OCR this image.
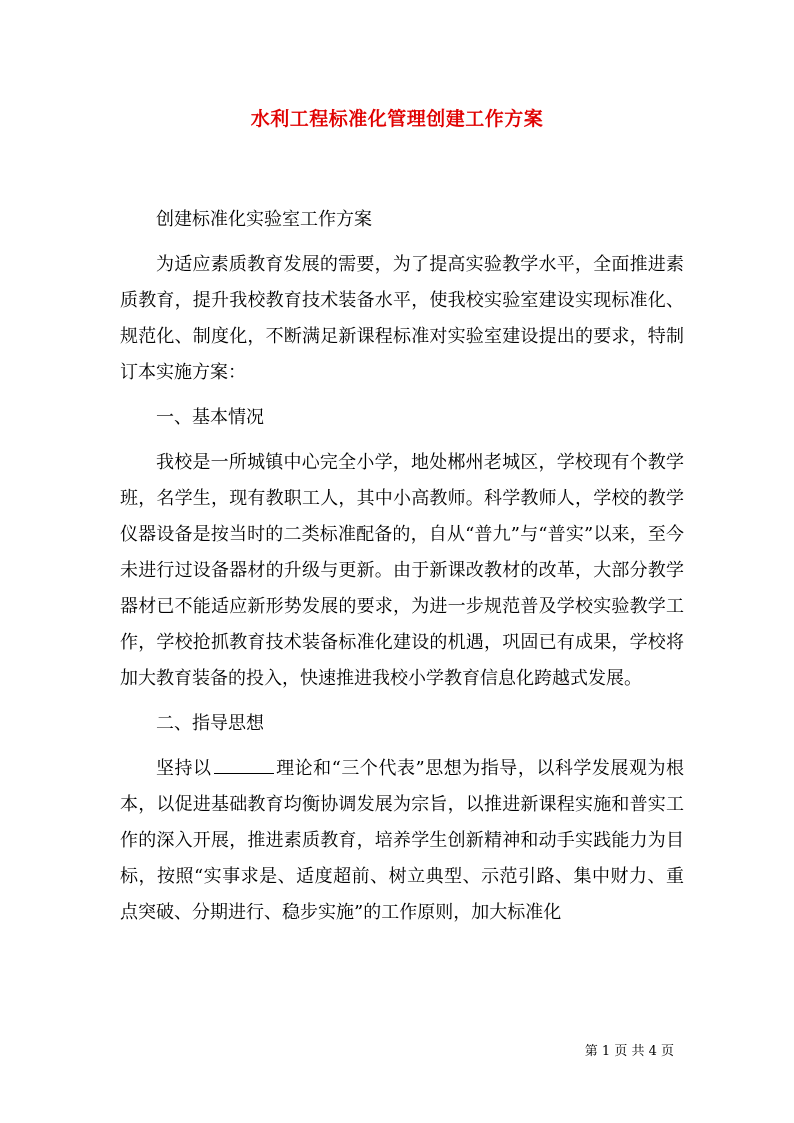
水利工程标准化管理创建工作方案

创建标准化实验室工作方案

为适应素质教育发展的需要，为了提高实验教学水平，全面推进素质教育，提升我校教育技术装备水平，使我校实验室建设实现标准化、规范化、制度化，不断满足新课程标准对实验室建设提出的要求，特制订本实施方案：

一、基本情况

我校是一所城镇中心完全小学，地处郴州老城区，学校现有个教学班，名学生，现有教职工人，其中小高教师。科学教师人，学校的教学仪器设备是按当时的二类标准配备的，自从“普九”与“普实”以来，至今未进行过设备器材的升级与更新。由于新课改教材的改革，大部分教学器材已不能适应新形势发展的要求，为进一步规范普及学校实验教学工作，学校抢抓教育技术装备标准化建设的机遇，巩固已有成果，学校将加大教育装备的投入，快速推进我校小学教育信息化跨越式发展。

二、指导思想

坚持以	理论和“三个代表”思想为指导，以科学发展观为根本，以促进基础教育均衡协调发展为宗旨，以推进新课程实施和普实工作的深入开展，推进素质教育，培养学生创新精神和动手实践能力为目标，按照“实事求是、适度超前、树立典型、示范引路、集中财力、重点突破、分期进行、稳步实施”的工作原则，加大标准化

第 1 页 共 4 页
